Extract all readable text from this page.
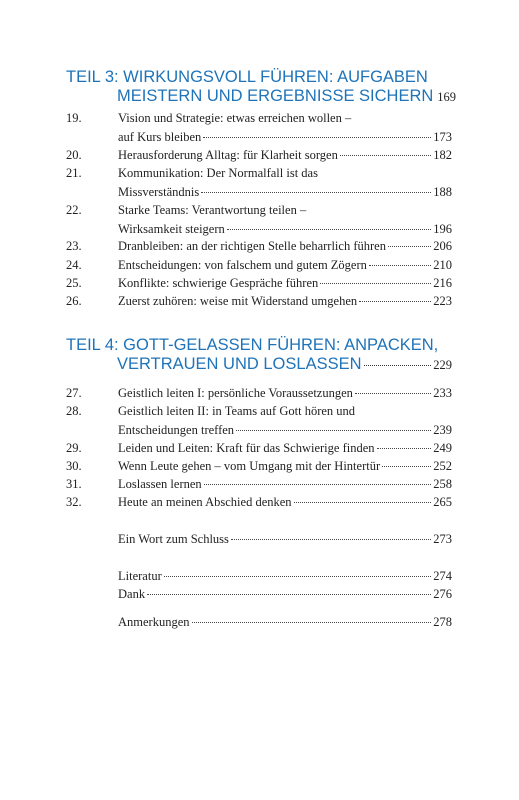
TEIL 3: WIRKUNGSVOLL FÜHREN: AUFGABEN
MEISTERN UND ERGEBNISSE SICHERN 169
19.	Vision und Strategie: etwas erreichen wollen –
auf Kurs bleiben	173
20.	Herausforderung Alltag: für Klarheit sorgen	182
21.	Kommunikation: Der Normalfall ist das
Missverständnis	188
22.	Starke Teams: Verantwortung teilen –
Wirksamkeit steigern	196
23.	Dranbleiben: an der richtigen Stelle beharrlich führen	206
24.	Entscheidungen: von falschem und gutem Zögern	210
25.	Konflikte: schwierige Gespräche führen	216
26.	Zuerst zuhören: weise mit Widerstand umgehen	223
TEIL 4: GOTT-GELASSEN FÜHREN: ANPACKEN,
VERTRAUEN UND LOSLASSEN	229
27.	Geistlich leiten I: persönliche Voraussetzungen	233
28.	Geistlich leiten II: in Teams auf Gott hören und
Entscheidungen treffen	239
29.	Leiden und Leiten: Kraft für das Schwierige finden	249
30.	Wenn Leute gehen – vom Umgang mit der Hintertür	252
31.	Loslassen lernen	258
32.	Heute an meinen Abschied denken	265
Ein Wort zum Schluss	273
Literatur	274
Dank	276
Anmerkungen	278
